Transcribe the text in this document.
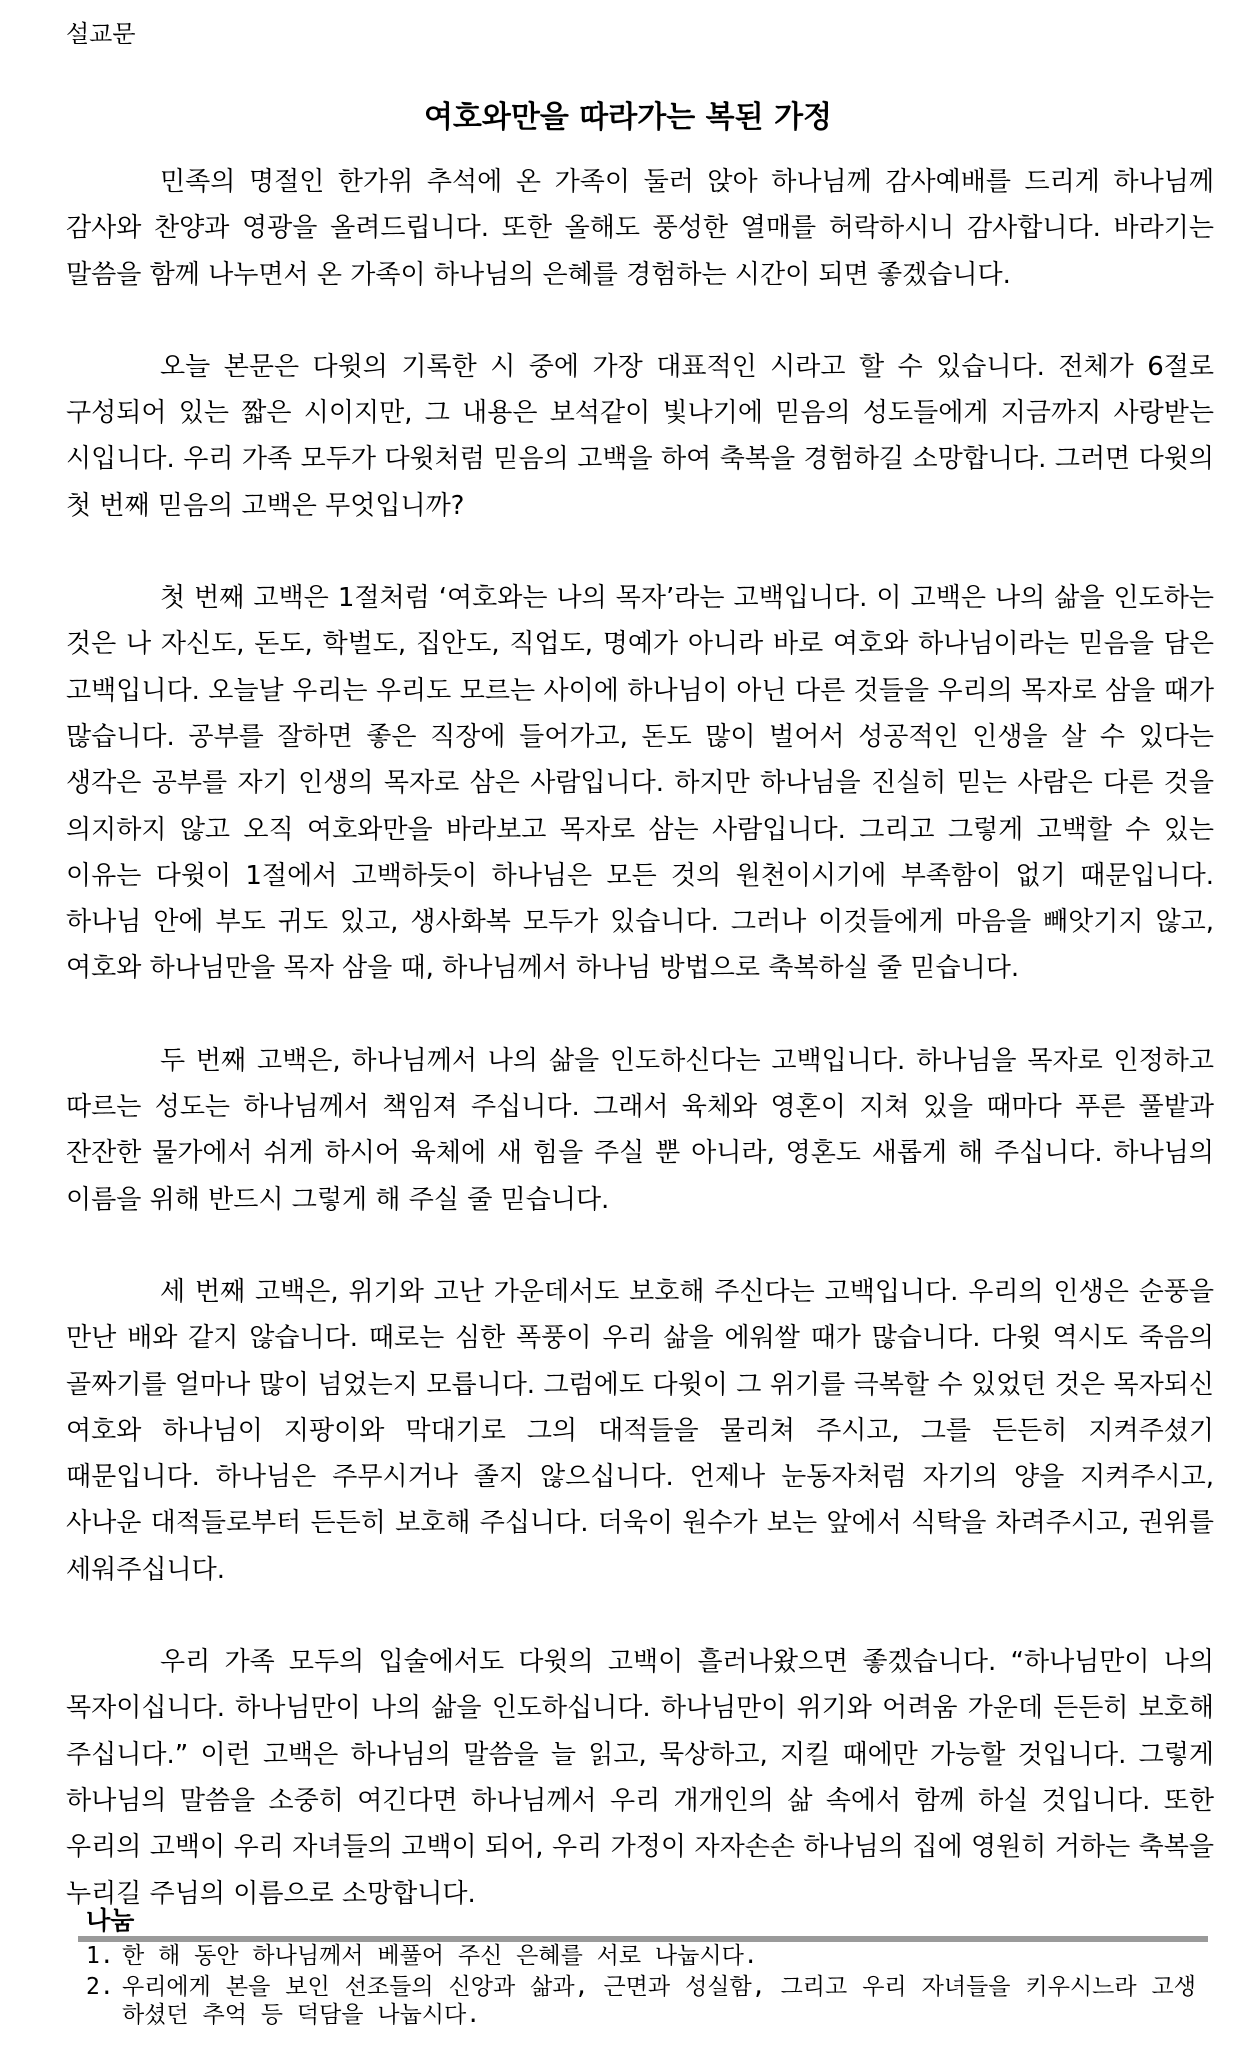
설교문
여호와만을 따라가는 복된 가정

민족의 명절인 한가위 추석에 온 가족이 둘러 앉아 하나님께 감사예배를 드리게 하나님께 감사와 찬양과 영광을 올려드립니다. 또한 올해도 풍성한 열매를 허락하시니 감사합니다. 바라기는 말씀을 함께 나누면서 온 가족이 하나님의 은혜를 경험하는 시간이 되면 좋겠습니다.

오늘 본문은 다윗의 기록한 시 중에 가장 대표적인 시라고 할 수 있습니다. 전체가 6절로 구성되어 있는 짧은 시이지만, 그 내용은 보석같이 빛나기에 믿음의 성도들에게 지금까지 사랑받는 시입니다. 우리 가족 모두가 다윗처럼 믿음의 고백을 하여 축복을 경험하길 소망합니다. 그러면 다윗의 첫 번째 믿음의 고백은 무엇입니까?

첫 번째 고백은 1절처럼 ‘여호와는 나의 목자’라는 고백입니다. 이 고백은 나의 삶을 인도하는 것은 나 자신도, 돈도, 학벌도, 집안도, 직업도, 명예가 아니라 바로 여호와 하나님이라는 믿음을 담은 고백입니다. 오늘날 우리는 우리도 모르는 사이에 하나님이 아닌 다른 것들을 우리의 목자로 삼을 때가 많습니다. 공부를 잘하면 좋은 직장에 들어가고, 돈도 많이 벌어서 성공적인 인생을 살 수 있다는 생각은 공부를 자기 인생의 목자로 삼은 사람입니다. 하지만 하나님을 진실히 믿는 사람은 다른 것을 의지하지 않고 오직 여호와만을 바라보고 목자로 삼는 사람입니다. 그리고 그렇게 고백할 수 있는 이유는 다윗이 1절에서 고백하듯이 하나님은 모든 것의 원천이시기에 부족함이 없기 때문입니다. 하나님 안에 부도 귀도 있고, 생사화복 모두가 있습니다. 그러나 이것들에게 마음을 빼앗기지 않고, 여호와 하나님만을 목자 삼을 때, 하나님께서 하나님 방법으로 축복하실 줄 믿습니다.

두 번째 고백은, 하나님께서 나의 삶을 인도하신다는 고백입니다. 하나님을 목자로 인정하고 따르는 성도는 하나님께서 책임져 주십니다. 그래서 육체와 영혼이 지쳐 있을 때마다 푸른 풀밭과 잔잔한 물가에서 쉬게 하시어 육체에 새 힘을 주실 뿐 아니라, 영혼도 새롭게 해 주십니다. 하나님의 이름을 위해 반드시 그렇게 해 주실 줄 믿습니다.

세 번째 고백은, 위기와 고난 가운데서도 보호해 주신다는 고백입니다. 우리의 인생은 순풍을 만난 배와 같지 않습니다. 때로는 심한 폭풍이 우리 삶을 에워쌀 때가 많습니다. 다윗 역시도 죽음의 골짜기를 얼마나 많이 넘었는지 모릅니다. 그럼에도 다윗이 그 위기를 극복할 수 있었던 것은 목자되신 여호와 하나님이 지팡이와 막대기로 그의 대적들을 물리쳐 주시고, 그를 든든히 지켜주셨기 때문입니다. 하나님은 주무시거나 졸지 않으십니다. 언제나 눈동자처럼 자기의 양을 지켜주시고, 사나운 대적들로부터 든든히 보호해 주십니다. 더욱이 원수가 보는 앞에서 식탁을 차려주시고, 권위를 세워주십니다.

우리 가족 모두의 입술에서도 다윗의 고백이 흘러나왔으면 좋겠습니다. “하나님만이 나의 목자이십니다. 하나님만이 나의 삶을 인도하십니다. 하나님만이 위기와 어려움 가운데 든든히 보호해 주십니다.” 이런 고백은 하나님의 말씀을 늘 읽고, 묵상하고, 지킬 때에만 가능할 것입니다. 그렇게 하나님의 말씀을 소중히 여긴다면 하나님께서 우리 개개인의 삶 속에서 함께 하실 것입니다. 또한 우리의 고백이 우리 자녀들의 고백이 되어, 우리 가정이 자자손손 하나님의 집에 영원히 거하는 축복을 누리길 주님의 이름으로 소망합니다.

나눔
1. 한 해 동안 하나님께서 베풀어 주신 은혜를 서로 나눕시다.
2. 우리에게 본을 보인 선조들의 신앙과 삶과, 근면과 성실함, 그리고 우리 자녀들을 키우시느라 고생하셨던 추억 등 덕담을 나눕시다.
